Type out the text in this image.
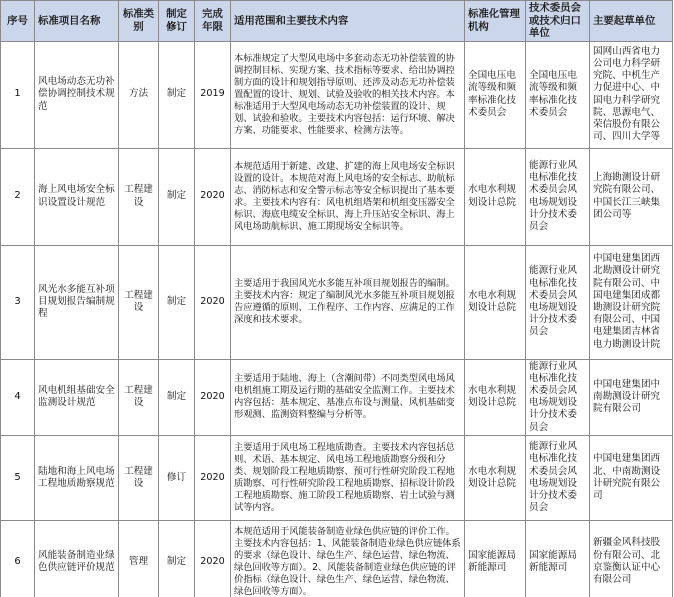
序号	标准项目名称	标准类别	制定修订	完成年限	适用范围和主要技术内容	标准化管理机构	技术委员会或技术归口单位	主要起草单位
1	风电场动态无功补偿协调控制技术规范	方法	制定	2019	本标准规定了大型风电场中多套动态无功补偿装置的协调控制目标、实现方案、技术指标等要求、给出协调控制方面的设计和规划指导原则、还涉及动态无功补偿装置配置的设计、规划、试验及验收的相关技术内容。本标准适用于大型风电场动态无功补偿装置的设计、规划、试验和验收。主要技术内容包括：运行环境、解决方案、功能要求、性能要求、检测方法等。	全国电压电流等级和频率标准化技术委员会	全国电压电流等级和频率标准化技术委员会	国网山西省电力公司电力科学研究院、中机生产力促进中心、中国电力科学研究院、思源电气、荣信股份有限公司、四川大学等
2	海上风电场安全标识设置设计规范	工程建设	制定	2020	本规范适用于新建、改建、扩建的海上风电场安全标识设置的设计。本规范对海上风电场的安全标志、助航标志、消防标志和安全警示标志等安全标识提出了基本要求。主要技术内容有：风电机组塔架和机组变压器安全标识、海底电缆安全标识、海上升压站安全标识、海上风电场助航标识、施工期现场安全标识等。	水电水利规划设计总院	能源行业风电标准化技术委员会风电场规划设计分技术委员会	上海勘测设计研究院有限公司、中国长江三峡集团公司等
3	风光水多能互补项目规划报告编制规程	工程建设	制定	2020	主要适用于我国风光水多能互补项目规划报告的编制。主要技术内容：规定了编制风光水多能互补项目规划报告应遵循的原则、工作程序、工作内容、应满足的工作深度和技术要求。	水电水利规划设计总院	能源行业风电标准化技术委员会风电场规划设计分技术委员会	中国电建集团西北勘测设计研究院有限公司、中国电建集团成都勘测设计研究院有限公司、中国电建集团吉林省电力勘测设计院
4	风电机组基础安全监测设计规范	工程建设	制定	2020	主要适用于陆地、海上（含潮间带）不同类型风电场风电机组施工期及运行期的基础安全监测工作。主要技术内容包括：基本规定、基准点布设与测量、风机基础变形观测、监测资料整编与分析等。	水电水利规划设计总院	能源行业风电标准化技术委员会风电场规划设计分技术委员会	中国电建集团中南勘测设计研究院有限公司
5	陆地和海上风电场工程地质勘察规范	工程建设	修订	2020	主要适用于风电场工程地质勘查。主要技术内容包括总则、术语、基本规定、风电场工程地质勘察分级和分类、规划阶段工程地质勘察、预可行性研究阶段工程地质勘察、可行性研究阶段工程地质勘察、招标设计阶段工程地质勘察、施工阶段工程地质勘察、岩土试验与测试等内容。	水电水利规划设计总院	能源行业风电标准化技术委员会风电场规划设计分技术委员会	中国电建集团西北、中南勘测设计研究院有限公司
6	风能装备制造业绿色供应链评价规范	管理	制定	2020	本规范适用于风能装备制造业绿色供应链的评价工作。主要技术内容包括：1、风能装备制造业绿色供应链体系的要求（绿色设计、绿色生产、绿色运营、绿色物流、绿色回收等方面）。2、风能装备制造业绿色供应链的评价指标（绿色设计、绿色生产、绿色运营、绿色物流、绿色回收等方面）。	国家能源局新能源司	国家能源局新能源司	新疆金风科技股份有限公司、北京鉴衡认证中心有限公司
